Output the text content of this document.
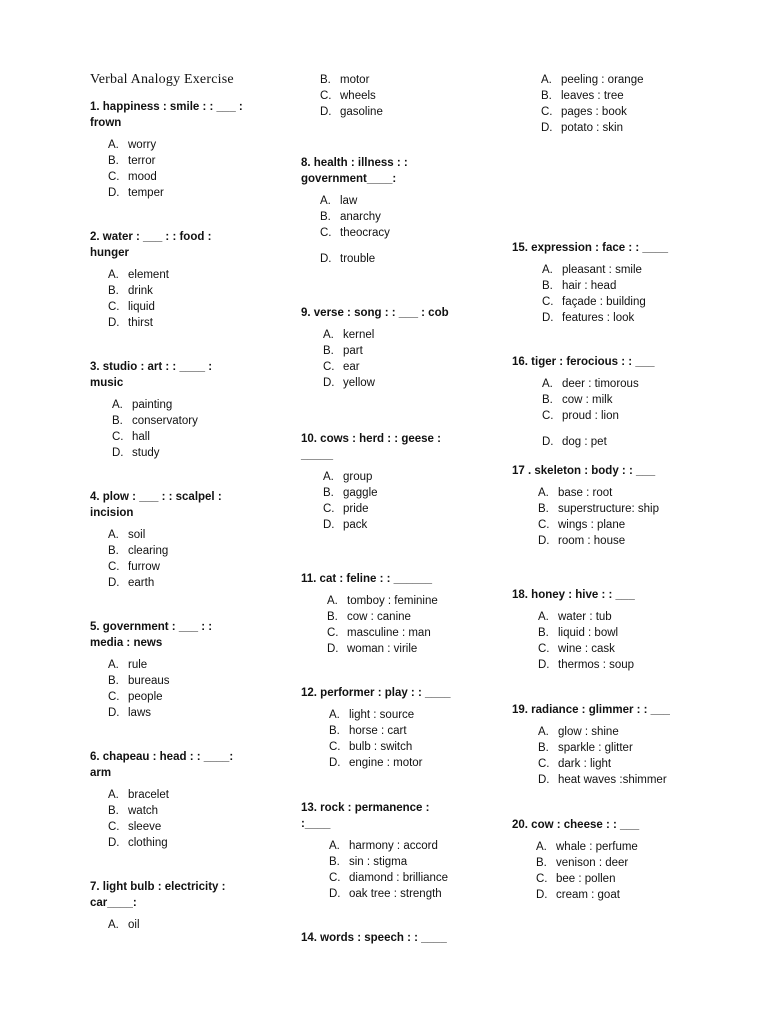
Verbal Analogy Exercise
1. happiness : smile : : ___ :
frown
A. worry
B. terror
C. mood
D. temper
2. water : ___ : : food :
hunger
A. element
B. drink
C. liquid
D. thirst
3. studio : art : : ____ :
music
A. painting
B. conservatory
C. hall
D. study
4. plow : ___ : : scalpel :
incision
A. soil
B. clearing
C. furrow
D. earth
5. government : ___ : :
media : news
A. rule
B. bureaus
C. people
D. laws
6. chapeau : head : : ____:
arm
A. bracelet
B. watch
C. sleeve
D. clothing
7. light bulb : electricity :
car____:
A. oil
B. motor
C. wheels
D. gasoline
8. health : illness : :
government____:
A. law
B. anarchy
C. theocracy
D. trouble
9. verse : song : : ___ : cob
A. kernel
B. part
C. ear
D. yellow
10. cows : herd : : geese :
_____
A. group
B. gaggle
C. pride
D. pack
11. cat : feline : : ______
A. tomboy : feminine
B. cow : canine
C. masculine : man
D. woman : virile
12. performer : play : : ____
A. light : source
B. horse : cart
C. bulb : switch
D. engine : motor
13. rock : permanence :
:____
A. harmony : accord
B. sin : stigma
C. diamond : brilliance
D. oak tree : strength
14. words : speech : : ____
A. peeling : orange
B. leaves : tree
C. pages : book
D. potato : skin
15. expression : face : : ____
A. pleasant : smile
B. hair : head
C. façade : building
D. features : look
16. tiger : ferocious : : ___
A. deer : timorous
B. cow : milk
C. proud : lion
D. dog : pet
17 . skeleton : body : : ___
A. base : root
B. superstructure: ship
C. wings : plane
D. room : house
18. honey : hive : : ___
A. water : tub
B. liquid : bowl
C. wine : cask
D. thermos : soup
19. radiance : glimmer : : ___
A. glow : shine
B. sparkle : glitter
C. dark : light
D. heat waves :shimmer
20. cow : cheese : : ___
A. whale : perfume
B. venison : deer
C. bee : pollen
D. cream : goat
